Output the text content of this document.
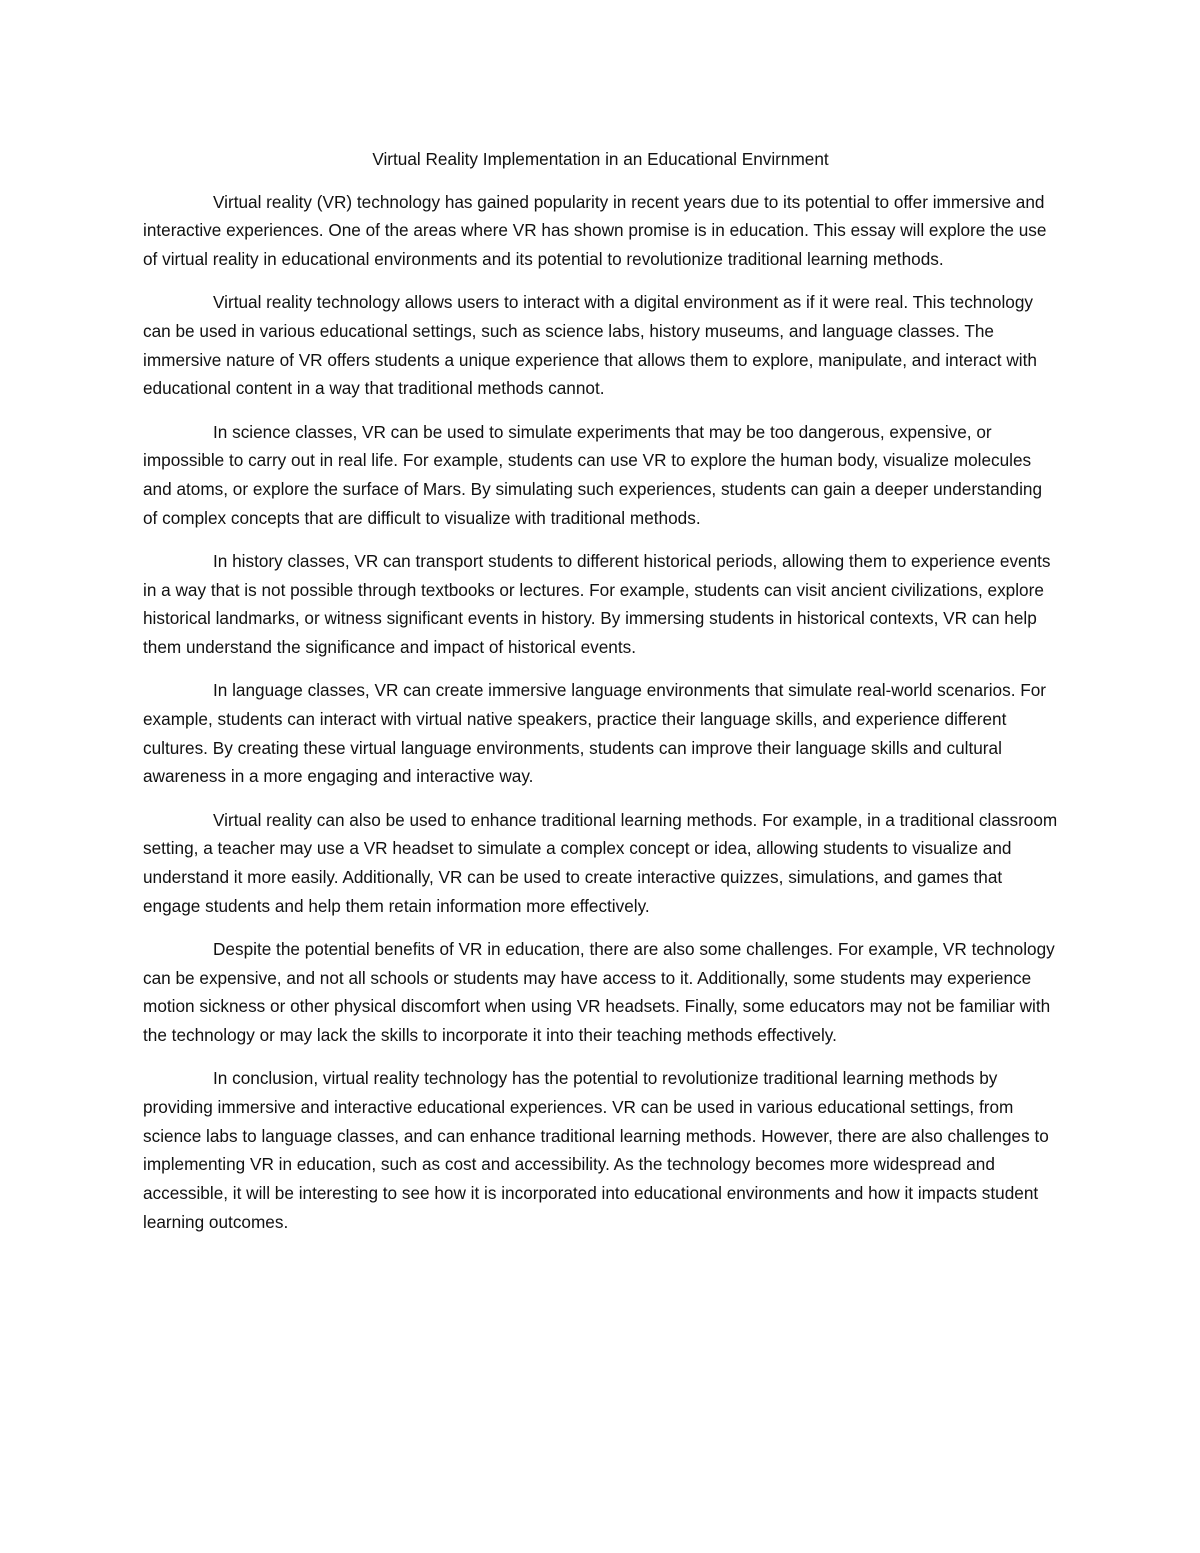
Virtual Reality Implementation in an Educational Envirnment

Virtual reality (VR) technology has gained popularity in recent years due to its potential to offer immersive and interactive experiences. One of the areas where VR has shown promise is in education. This essay will explore the use of virtual reality in educational environments and its potential to revolutionize traditional learning methods.

Virtual reality technology allows users to interact with a digital environment as if it were real. This technology can be used in various educational settings, such as science labs, history museums, and language classes. The immersive nature of VR offers students a unique experience that allows them to explore, manipulate, and interact with educational content in a way that traditional methods cannot.

In science classes, VR can be used to simulate experiments that may be too dangerous, expensive, or impossible to carry out in real life. For example, students can use VR to explore the human body, visualize molecules and atoms, or explore the surface of Mars. By simulating such experiences, students can gain a deeper understanding of complex concepts that are difficult to visualize with traditional methods.

In history classes, VR can transport students to different historical periods, allowing them to experience events in a way that is not possible through textbooks or lectures. For example, students can visit ancient civilizations, explore historical landmarks, or witness significant events in history. By immersing students in historical contexts, VR can help them understand the significance and impact of historical events.

In language classes, VR can create immersive language environments that simulate real-world scenarios. For example, students can interact with virtual native speakers, practice their language skills, and experience different cultures. By creating these virtual language environments, students can improve their language skills and cultural awareness in a more engaging and interactive way.

Virtual reality can also be used to enhance traditional learning methods. For example, in a traditional classroom setting, a teacher may use a VR headset to simulate a complex concept or idea, allowing students to visualize and understand it more easily. Additionally, VR can be used to create interactive quizzes, simulations, and games that engage students and help them retain information more effectively.

Despite the potential benefits of VR in education, there are also some challenges. For example, VR technology can be expensive, and not all schools or students may have access to it. Additionally, some students may experience motion sickness or other physical discomfort when using VR headsets. Finally, some educators may not be familiar with the technology or may lack the skills to incorporate it into their teaching methods effectively.

In conclusion, virtual reality technology has the potential to revolutionize traditional learning methods by providing immersive and interactive educational experiences. VR can be used in various educational settings, from science labs to language classes, and can enhance traditional learning methods. However, there are also challenges to implementing VR in education, such as cost and accessibility. As the technology becomes more widespread and accessible, it will be interesting to see how it is incorporated into educational environments and how it impacts student learning outcomes.
